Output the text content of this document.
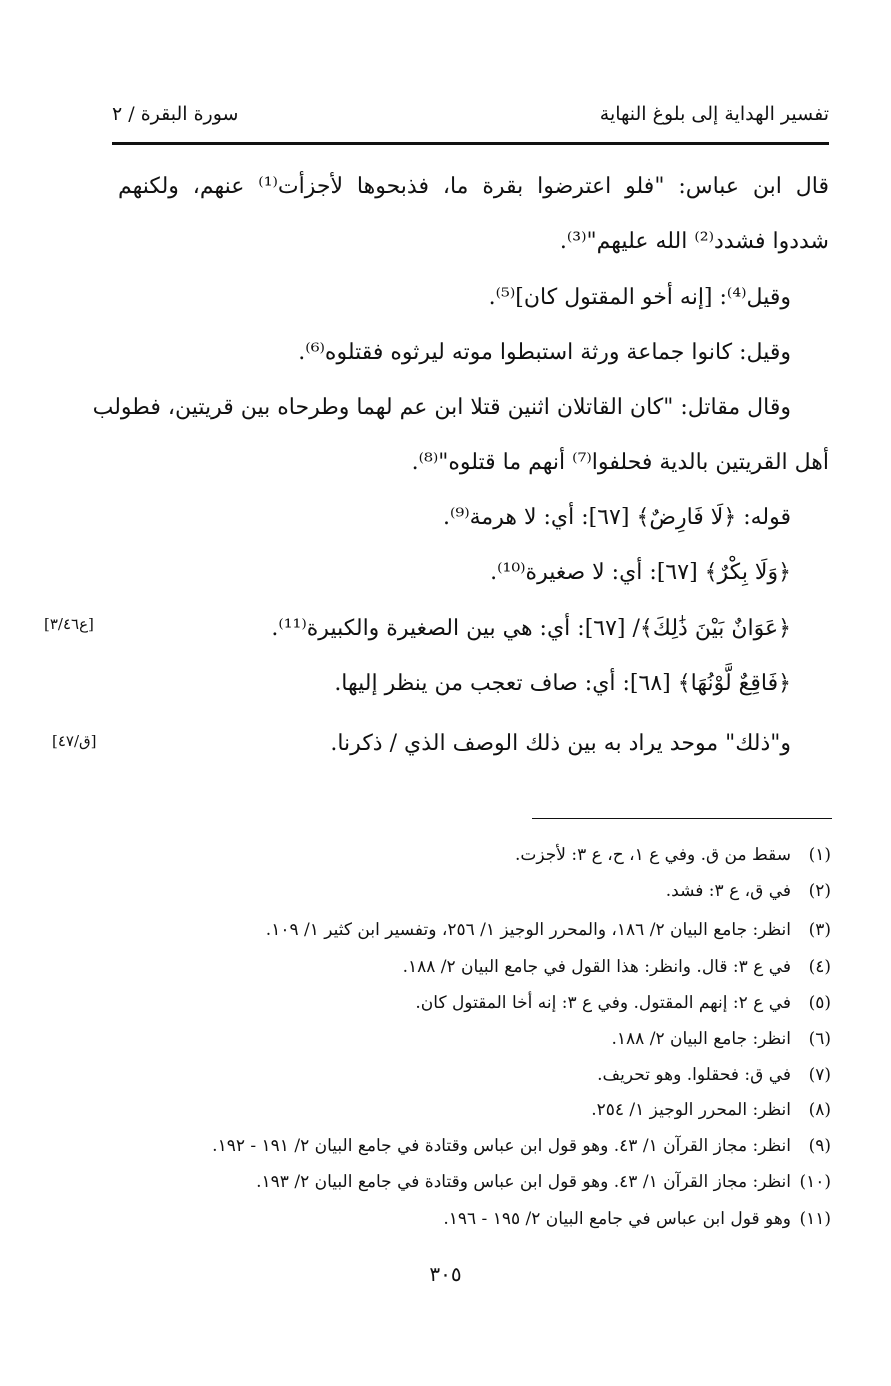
تفسير الهداية إلى بلوغ النهاية
سورة البقرة / ٢
قال ابن عباس: "فلو اعترضوا بقرة ما، فذبحوها لأجزأت⁽¹⁾ عنهم، ولكنهم
شددوا فشدد⁽²⁾ الله عليهم"⁽³⁾.
وقيل⁽⁴⁾: [إنه أخو المقتول كان]⁽⁵⁾.
وقيل: كانوا جماعة ورثة استبطوا موته ليرثوه فقتلوه⁽⁶⁾.
وقال مقاتل: "كان القاتلان اثنين قتلا ابن عم لهما وطرحاه بين قريتين، فطولب
أهل القريتين بالدية فحلفوا⁽⁷⁾ أنهم ما قتلوه"⁽⁸⁾.
قوله: ﴿لَا فَارِضٌ﴾ [٦٧]: أي: لا هرمة⁽⁹⁾.
﴿وَلَا بِكْرٌ﴾ [٦٧]: أي: لا صغيرة⁽¹⁰⁾.
﴿عَوَانٌ بَيْنَ ذَٰلِكَ﴾/ [٦٧]: أي: هي بين الصغيرة والكبيرة⁽¹¹⁾.
﴿فَاقِعٌ لَّوْنُهَا﴾ [٦٨]: أي: صاف تعجب من ينظر إليها.
و"ذلك" موحد يراد به بين ذلك الوصف الذي / ذكرنا.
[ع٣/٤٦]
[ق/٤٧]
(١)سقط من ق. وفي ع ١، ح، ع ٣: لأجزت.
(٢)في ق، ع ٣: فشد.
(٣)انظر: جامع البيان ٢/ ١٨٦، والمحرر الوجيز ١/ ٢٥٦، وتفسير ابن كثير ١/ ١٠٩.
(٤)في ع ٣: قال. وانظر: هذا القول في جامع البيان ٢/ ١٨٨.
(٥)في ع ٢: إنهم المقتول. وفي ع ٣: إنه أخا المقتول كان.
(٦)انظر: جامع البيان ٢/ ١٨٨.
(٧)في ق: فحقلوا. وهو تحريف.
(٨)انظر: المحرر الوجيز ١/ ٢٥٤.
(٩)انظر: مجاز القرآن ١/ ٤٣. وهو قول ابن عباس وقتادة في جامع البيان ٢/ ١٩١ - ١٩٢.
(١٠)انظر: مجاز القرآن ١/ ٤٣. وهو قول ابن عباس وقتادة في جامع البيان ٢/ ١٩٣.
(١١)وهو قول ابن عباس في جامع البيان ٢/ ١٩٥ - ١٩٦.
٣٠٥
